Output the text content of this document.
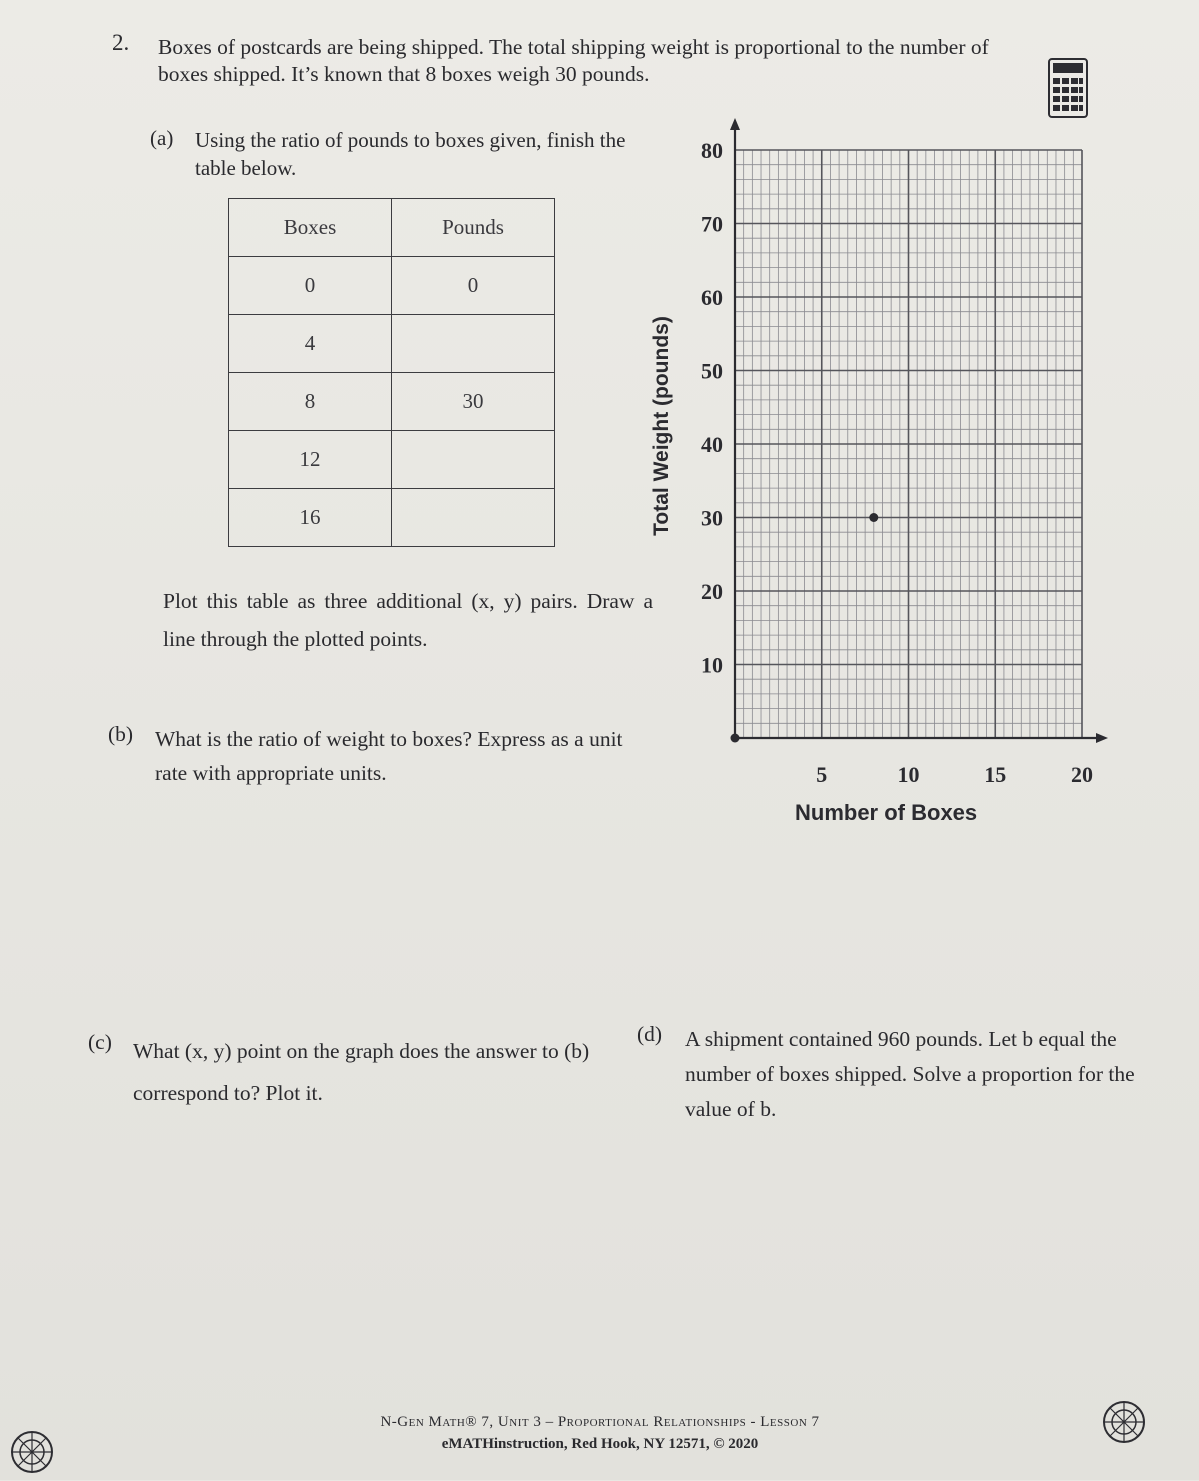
2. Boxes of postcards are being shipped. The total shipping weight is proportional to the number of boxes shipped. It’s known that 8 boxes weigh 30 pounds.
(a) Using the ratio of pounds to boxes given, finish the table below.
Boxes	Pounds
0	0
4	
8	30
12	
16	
Plot this table as three additional (x, y) pairs. Draw a line through the plotted points.
(b) What is the ratio of weight to boxes? Express as a unit rate with appropriate units.
Total Weight (pounds)
Number of Boxes
5	10	15	20
10
20
30
40
50
60
70
80
(c) What (x, y) point on the graph does the answer to (b) correspond to? Plot it.
(d) A shipment contained 960 pounds. Let b equal the number of boxes shipped. Solve a proportion for the value of b.
N-Gen Math® 7, Unit 3 – Proportional Relationships - Lesson 7
eMATHinstruction, Red Hook, NY 12571, © 2020
